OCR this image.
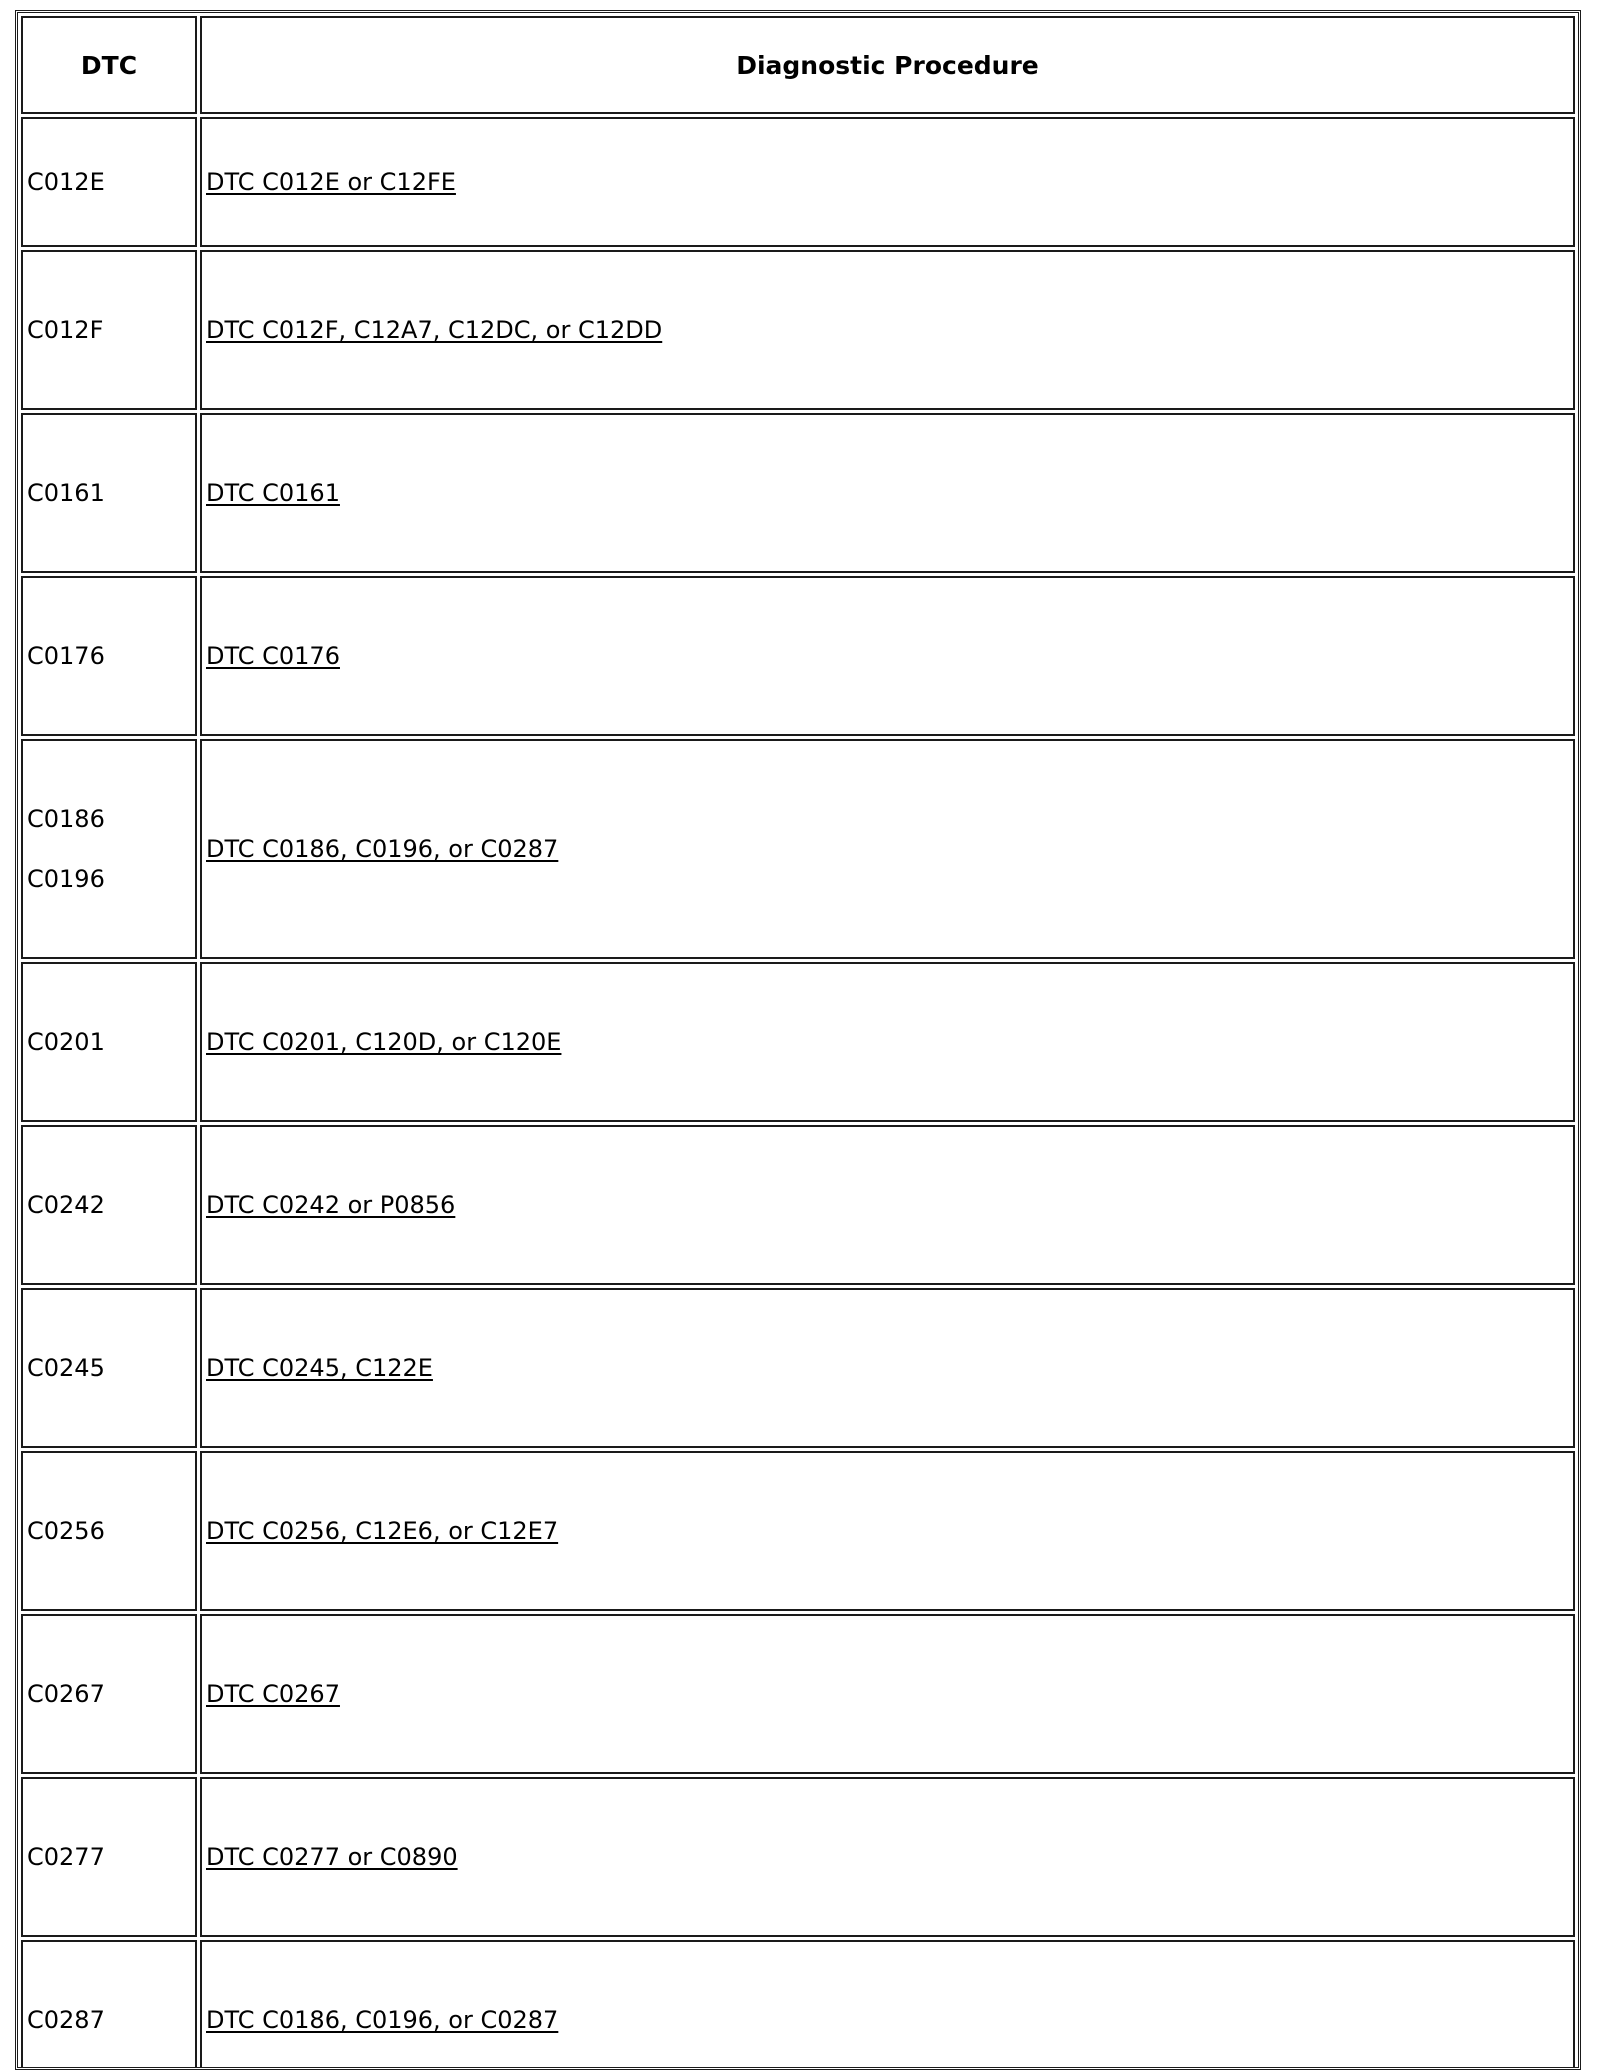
DTC	Diagnostic Procedure

C012E	DTC C012E or C12FE

C012F	DTC C012F, C12A7, C12DC, or C12DD

C0161	DTC C0161

C0176	DTC C0176

C0186
C0196	DTC C0186, C0196, or C0287

C0201	DTC C0201, C120D, or C120E

C0242	DTC C0242 or P0856

C0245	DTC C0245, C122E

C0256	DTC C0256, C12E6, or C12E7

C0267	DTC C0267

C0277	DTC C0277 or C0890

C0287	DTC C0186, C0196, or C0287
